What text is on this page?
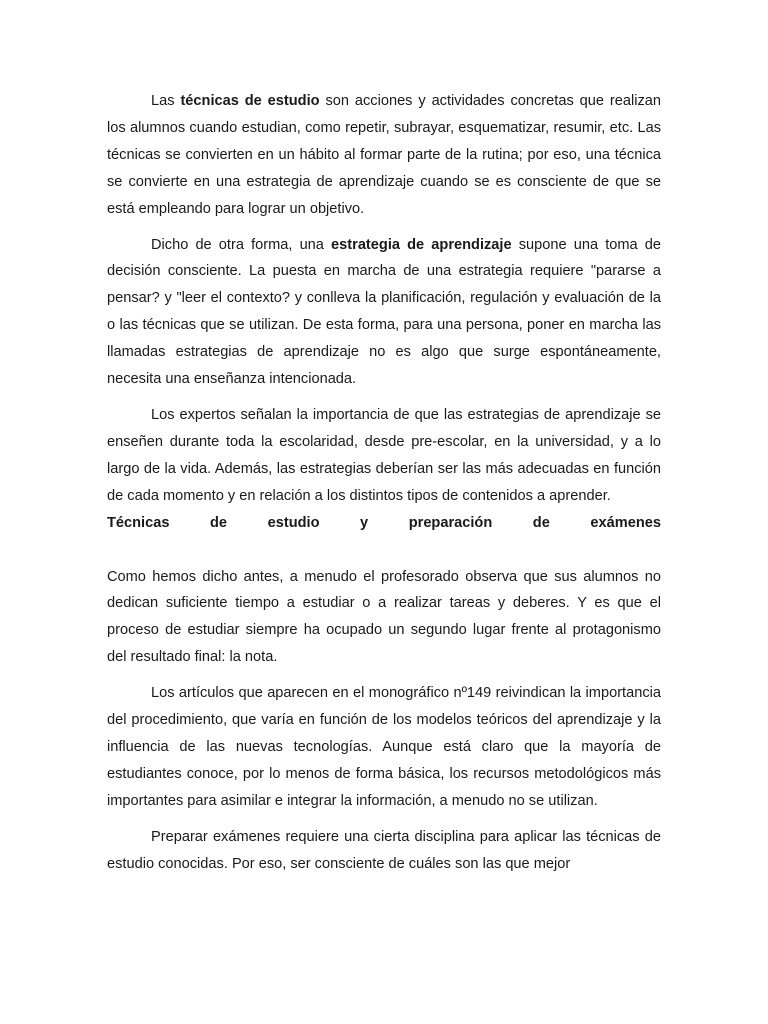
Las técnicas de estudio son acciones y actividades concretas que realizan los alumnos cuando estudian, como repetir, subrayar, esquematizar, resumir, etc. Las técnicas se convierten en un hábito al formar parte de la rutina; por eso, una técnica se convierte en una estrategia de aprendizaje cuando se es consciente de que se está empleando para lograr un objetivo.

Dicho de otra forma, una estrategia de aprendizaje supone una toma de decisión consciente. La puesta en marcha de una estrategia requiere "pararse a pensar? y "leer el contexto? y conlleva la planificación, regulación y evaluación de la o las técnicas que se utilizan. De esta forma, para una persona, poner en marcha las llamadas estrategias de aprendizaje no es algo que surge espontáneamente, necesita una enseñanza intencionada.

Los expertos señalan la importancia de que las estrategias de aprendizaje se enseñen durante toda la escolaridad, desde pre-escolar, en la universidad, y a lo largo de la vida. Además, las estrategias deberían ser las más adecuadas en función de cada momento y en relación a los distintos tipos de contenidos a aprender.

Técnicas de estudio y preparación de exámenes

Como hemos dicho antes, a menudo el profesorado observa que sus alumnos no dedican suficiente tiempo a estudiar o a realizar tareas y deberes. Y es que el proceso de estudiar siempre ha ocupado un segundo lugar frente al protagonismo del resultado final: la nota.

Los artículos que aparecen en el monográfico nº149 reivindican la importancia del procedimiento, que varía en función de los modelos teóricos del aprendizaje y la influencia de las nuevas tecnologías. Aunque está claro que la mayoría de estudiantes conoce, por lo menos de forma básica, los recursos metodológicos más importantes para asimilar e integrar la información, a menudo no se utilizan.

Preparar exámenes requiere una cierta disciplina para aplicar las técnicas de estudio conocidas. Por eso, ser consciente de cuáles son las que mejor
